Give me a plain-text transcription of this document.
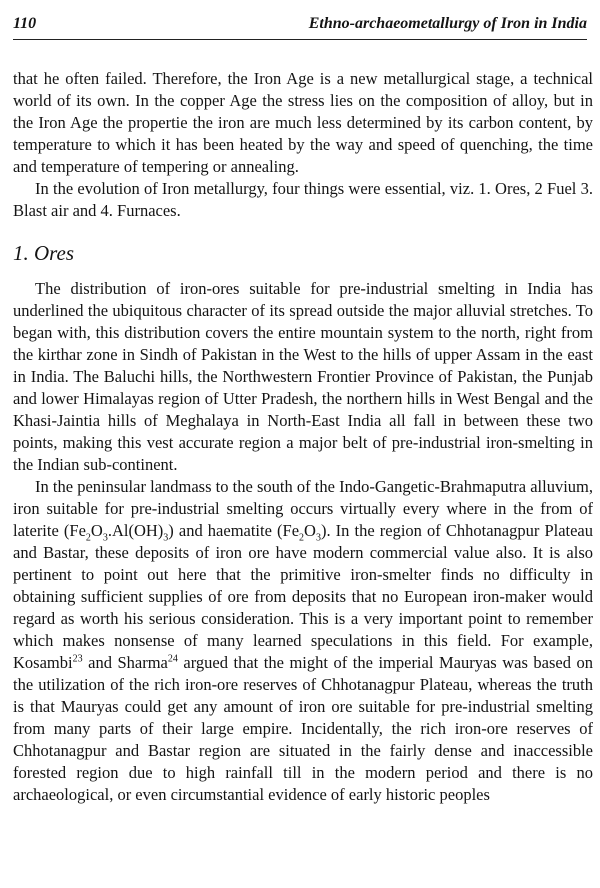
110	Ethno-archaeometallurgy of Iron in India

that he often failed. Therefore, the Iron Age is a new metallurgical stage, a technical world of its own. In the copper Age the stress lies on the composition of alloy, but in the Iron Age the propertie the iron are much less determined by its carbon content, by temperature to which it has been heated by the way and speed of quenching, the time and temperature of tempering or annealing.

In the evolution of Iron metallurgy, four things were essential, viz. 1. Ores, 2 Fuel 3. Blast air and 4. Furnaces.

1. Ores

The distribution of iron-ores suitable for pre-industrial smelting in India has underlined the ubiquitous character of its spread outside the major alluvial stretches. To began with, this distribution covers the entire mountain system to the north, right from the kirthar zone in Sindh of Pakistan in the West to the hills of upper Assam in the east in India. The Baluchi hills, the Northwestern Frontier Province of Pakistan, the Punjab and lower Himalayas region of Utter Pradesh, the northern hills in West Bengal and the Khasi-Jaintia hills of Meghalaya in North-East India all fall in between these two points, making this vest accurate region a major belt of pre-industrial iron-smelting in the Indian sub-continent.

In the peninsular landmass to the south of the Indo-Gangetic-Brahmaputra alluvium, iron suitable for pre-industrial smelting occurs virtually every where in the from of laterite $(Fe_2O_3.Al(OH)_3)$ and haematite $(Fe_2O_3)$. In the region of Chhotanagpur Plateau and Bastar, these deposits of iron ore have modern commercial value also. It is also pertinent to point out here that the primitive iron-smelter finds no difficulty in obtaining sufficient supplies of ore from deposits that no European iron-maker would regard as worth his serious consideration. This is a very important point to remember which makes nonsense of many learned speculations in this field. For example, Kosambi$^{23}$ and Sharma$^{24}$ argued that the might of the imperial Mauryas was based on the utilization of the rich iron-ore reserves of Chhotanagpur Plateau, whereas the truth is that Mauryas could get any amount of iron ore suitable for pre-industrial smelting from many parts of their large empire. Incidentally, the rich iron-ore reserves of Chhotanagpur and Bastar region are situated in the fairly dense and inaccessible forested region due to high rainfall till in the modern period and there is no archaeological, or even circumstantial evidence of early historic peoples
